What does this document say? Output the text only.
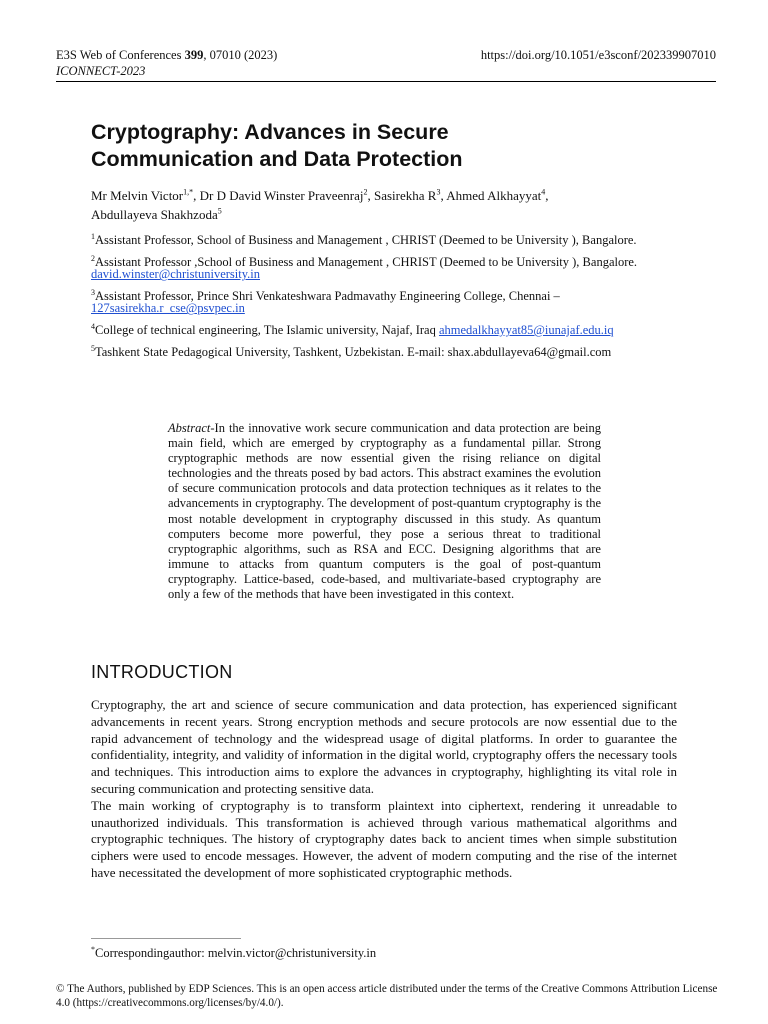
E3S Web of Conferences 399, 07010 (2023)
ICONNECT-2023
https://doi.org/10.1051/e3sconf/202339907010
Cryptography: Advances in Secure
Communication and Data Protection
Mr Melvin Victor$^{1,*}$, Dr D David Winster Praveenraj$^2$, Sasirekha $R^3$, Ahmed Alkhayyat$^4$,
Abdullayeva Shakhzoda$^5$
$^1$Assistant Professor, School of Business and Management , CHRIST (Deemed to be University ), Bangalore.
$^2$Assistant Professor ,School of Business and Management , CHRIST (Deemed to be University ), Bangalore. david.winster@christuniversity.in
$^3$Assistant Professor, Prince Shri Venkateshwara Padmavathy Engineering College, Chennai – 127sasirekha.r_cse@psvpec.in
$^4$College of technical engineering, The Islamic university, Najaf, Iraq ahmedalkhayyat85@iunajaf.edu.iq
$^5$Tashkent State Pedagogical University, Tashkent, Uzbekistan. E-mail: shax.abdullayeva64@gmail.com

Abstract-In the innovative work secure communication and data protection are being main field, which are emerged by cryptography as a fundamental pillar. Strong cryptographic methods are now essential given the rising reliance on digital technologies and the threats posed by bad actors. This abstract examines the evolution of secure communication protocols and data protection techniques as it relates to the advancements in cryptography. The development of post-quantum cryptography is the most notable development in cryptography discussed in this study. As quantum computers become more powerful, they pose a serious threat to traditional cryptographic algorithms, such as RSA and ECC. Designing algorithms that are immune to attacks from quantum computers is the goal of post-quantum cryptography. Lattice-based, code-based, and multivariate-based cryptography are only a few of the methods that have been investigated in this context.

INTRODUCTION

Cryptography, the art and science of secure communication and data protection, has experienced significant advancements in recent years. Strong encryption methods and secure protocols are now essential due to the rapid advancement of technology and the widespread usage of digital platforms. In order to guarantee the confidentiality, integrity, and validity of information in the digital world, cryptography offers the necessary tools and techniques. This introduction aims to explore the advances in cryptography, highlighting its vital role in securing communication and protecting sensitive data.

The main working of cryptography is to transform plaintext into ciphertext, rendering it unreadable to unauthorized individuals. This transformation is achieved through various mathematical algorithms and cryptographic techniques. The history of cryptography dates back to ancient times when simple substitution ciphers were used to encode messages. However, the advent of modern computing and the rise of the internet have necessitated the development of more sophisticated cryptographic methods.

*Correspondingauthor: melvin.victor@christuniversity.in
© The Authors, published by EDP Sciences. This is an open access article distributed under the terms of the Creative Commons Attribution License 4.0 (https://creativecommons.org/licenses/by/4.0/).
